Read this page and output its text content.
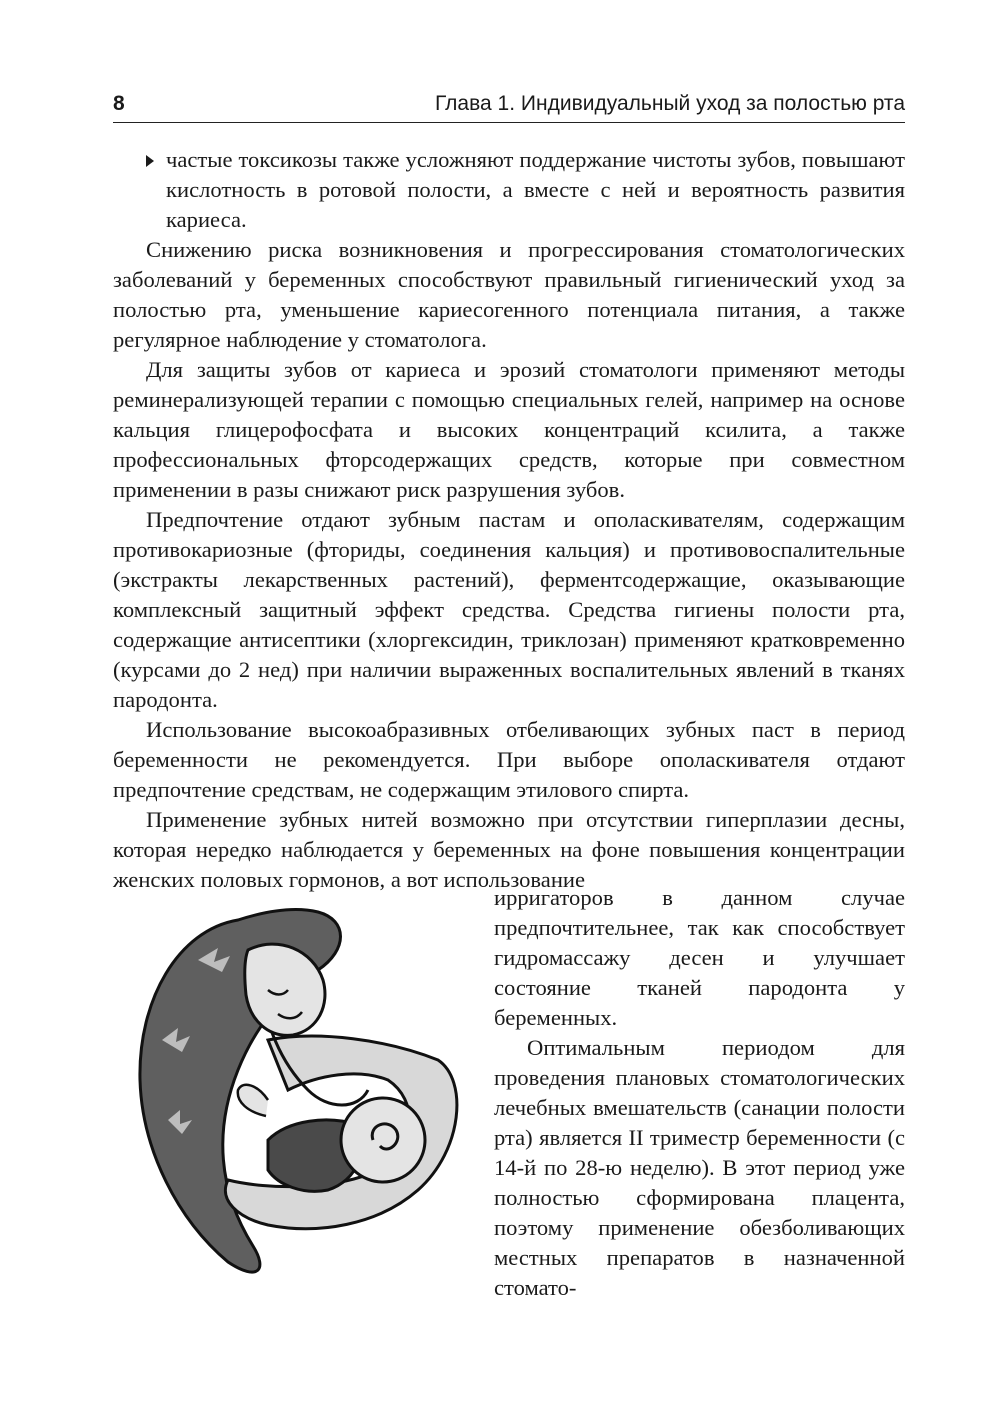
8	Глава 1. Индивидуальный уход за полостью рта

частые токсикозы также усложняют поддержание чистоты зубов, повышают кислотность в ротовой полости, а вместе с ней и вероятность развития кариеса.

Снижению риска возникновения и прогрессирования стоматологических заболеваний у беременных способствуют правильный гигиенический уход за полостью рта, уменьшение кариесогенного потенциала питания, а также регулярное наблюдение у стоматолога.

Для защиты зубов от кариеса и эрозий стоматологи применяют методы реминерализующей терапии с помощью специальных гелей, например на основе кальция глицерофосфата и высоких концентраций ксилита, а также профессиональных фторсодержащих средств, которые при совместном применении в разы снижают риск разрушения зубов.

Предпочтение отдают зубным пастам и ополаскивателям, содержащим противокариозные (фториды, соединения кальция) и противовоспалительные (экстракты лекарственных растений), ферментсодержащие, оказывающие комплексный защитный эффект средства. Средства гигиены полости рта, содержащие антисептики (хлоргексидин, триклозан) применяют кратковременно (курсами до 2 нед) при наличии выраженных воспалительных явлений в тканях пародонта.

Использование высокоабразивных отбеливающих зубных паст в период беременности не рекомендуется. При выборе ополаскивателя отдают предпочтение средствам, не содержащим этилового спирта.

Применение зубных нитей возможно при отсутствии гиперплазии десны, которая нередко наблюдается у беременных на фоне повышения концентрации женских половых гормонов, а вот использование

ирригаторов в данном случае предпочтительнее, так как способствует гидромассажу десен и улучшает состояние тканей пародонта у беременных.

Оптимальным периодом для проведения плановых стоматологических лечебных вмешательств (санации полости рта) является II триместр беременности (с 14-й по 28-ю неделю). В этот период уже полностью сформирована плацента, поэтому применение обезболивающих местных препаратов в назначенной стомато-
